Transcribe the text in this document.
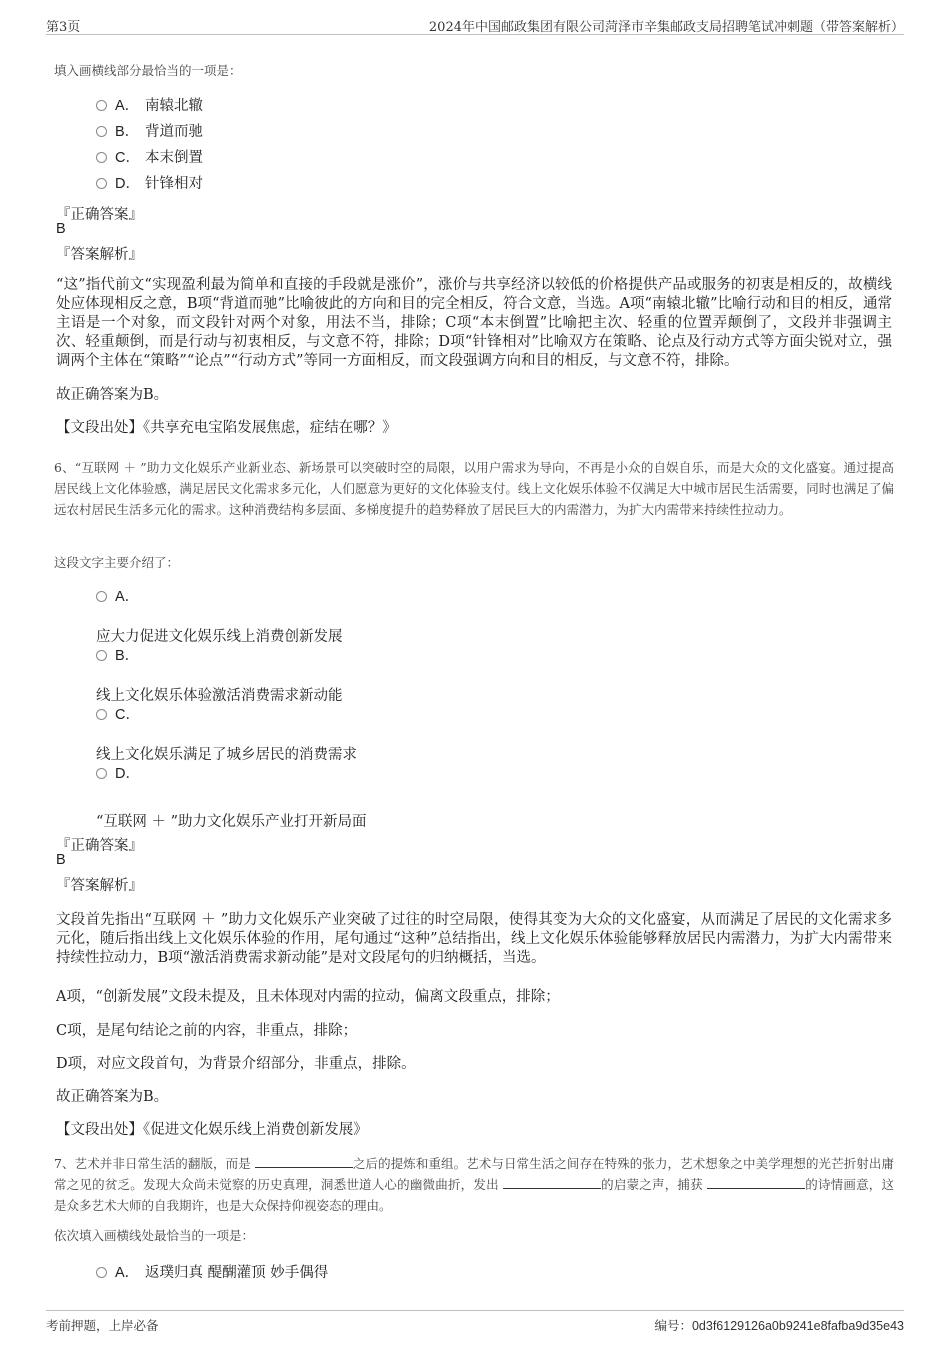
第3页	2024年中国邮政集团有限公司菏泽市辛集邮政支局招聘笔试冲刺题（带答案解析）
填入画横线部分最恰当的一项是：
A． 南辕北辙
B． 背道而驰
C． 本末倒置
D． 针锋相对
『正确答案』
B
『答案解析』
“这”指代前文“实现盈利最为简单和直接的手段就是涨价”，涨价与共享经济以较低的价格提供产品或服务的初衷是相反的，故横线处应体现相反之意，B项“背道而驰”比喻彼此的方向和目的完全相反，符合文意，当选。A项“南辕北辙”比喻行动和目的相反，通常主语是一个对象，而文段针对两个对象，用法不当，排除；C项“本末倒置”比喻把主次、轻重的位置弄颠倒了，文段并非强调主次、轻重颠倒，而是行动与初衷相反，与文意不符，排除；D项“针锋相对”比喻双方在策略、论点及行动方式等方面尖锐对立，强调两个主体在“策略”“论点”“行动方式”等同一方面相反，而文段强调方向和目的相反，与文意不符，排除。
故正确答案为B。
【文段出处】《共享充电宝陷发展焦虑，症结在哪？》
6、“互联网 ＋ ”助力文化娱乐产业新业态、新场景可以突破时空的局限，以用户需求为导向，不再是小众的自娱自乐，而是大众的文化盛宴。通过提高居民线上文化体验感，满足居民文化需求多元化，人们愿意为更好的文化体验支付。线上文化娱乐体验不仅满足大中城市居民生活需要，同时也满足了偏远农村居民生活多元化的需求。这种消费结构多层面、多梯度提升的趋势释放了居民巨大的内需潜力，为扩大内需带来持续性拉动力。
这段文字主要介绍了：
A．
应大力促进文化娱乐线上消费创新发展
B．
线上文化娱乐体验激活消费需求新动能
C．
线上文化娱乐满足了城乡居民的消费需求
D．
“互联网 ＋ ”助力文化娱乐产业打开新局面
『正确答案』
B
『答案解析』
文段首先指出“互联网 ＋ ”助力文化娱乐产业突破了过往的时空局限，使得其变为大众的文化盛宴，从而满足了居民的文化需求多元化，随后指出线上文化娱乐体验的作用，尾句通过“这种”总结指出，线上文化娱乐体验能够释放居民内需潜力，为扩大内需带来持续性拉动力，B项“激活消费需求新动能”是对文段尾句的归纳概括，当选。
A项，“创新发展”文段未提及，且未体现对内需的拉动，偏离文段重点，排除；
C项，是尾句结论之前的内容，非重点，排除；
D项，对应文段首句，为背景介绍部分，非重点，排除。
故正确答案为B。
【文段出处】《促进文化娱乐线上消费创新发展》
7、艺术并非日常生活的翻版，而是	之后的提炼和重组。艺术与日常生活之间存在特殊的张力，艺术想象之中美学理想的光芒折射出庸常之见的贫乏。发现大众尚未觉察的历史真理，洞悉世道人心的幽微曲折，发出	的启蒙之声，捕获	的诗情画意，这是众多艺术大师的自我期许，也是大众保持仰视姿态的理由。
依次填入画横线处最恰当的一项是：
A． 返璞归真 醍醐灌顶 妙手偶得
考前押题，上岸必备	编号：0d3f6129126a0b9241e8fafba9d35e43
